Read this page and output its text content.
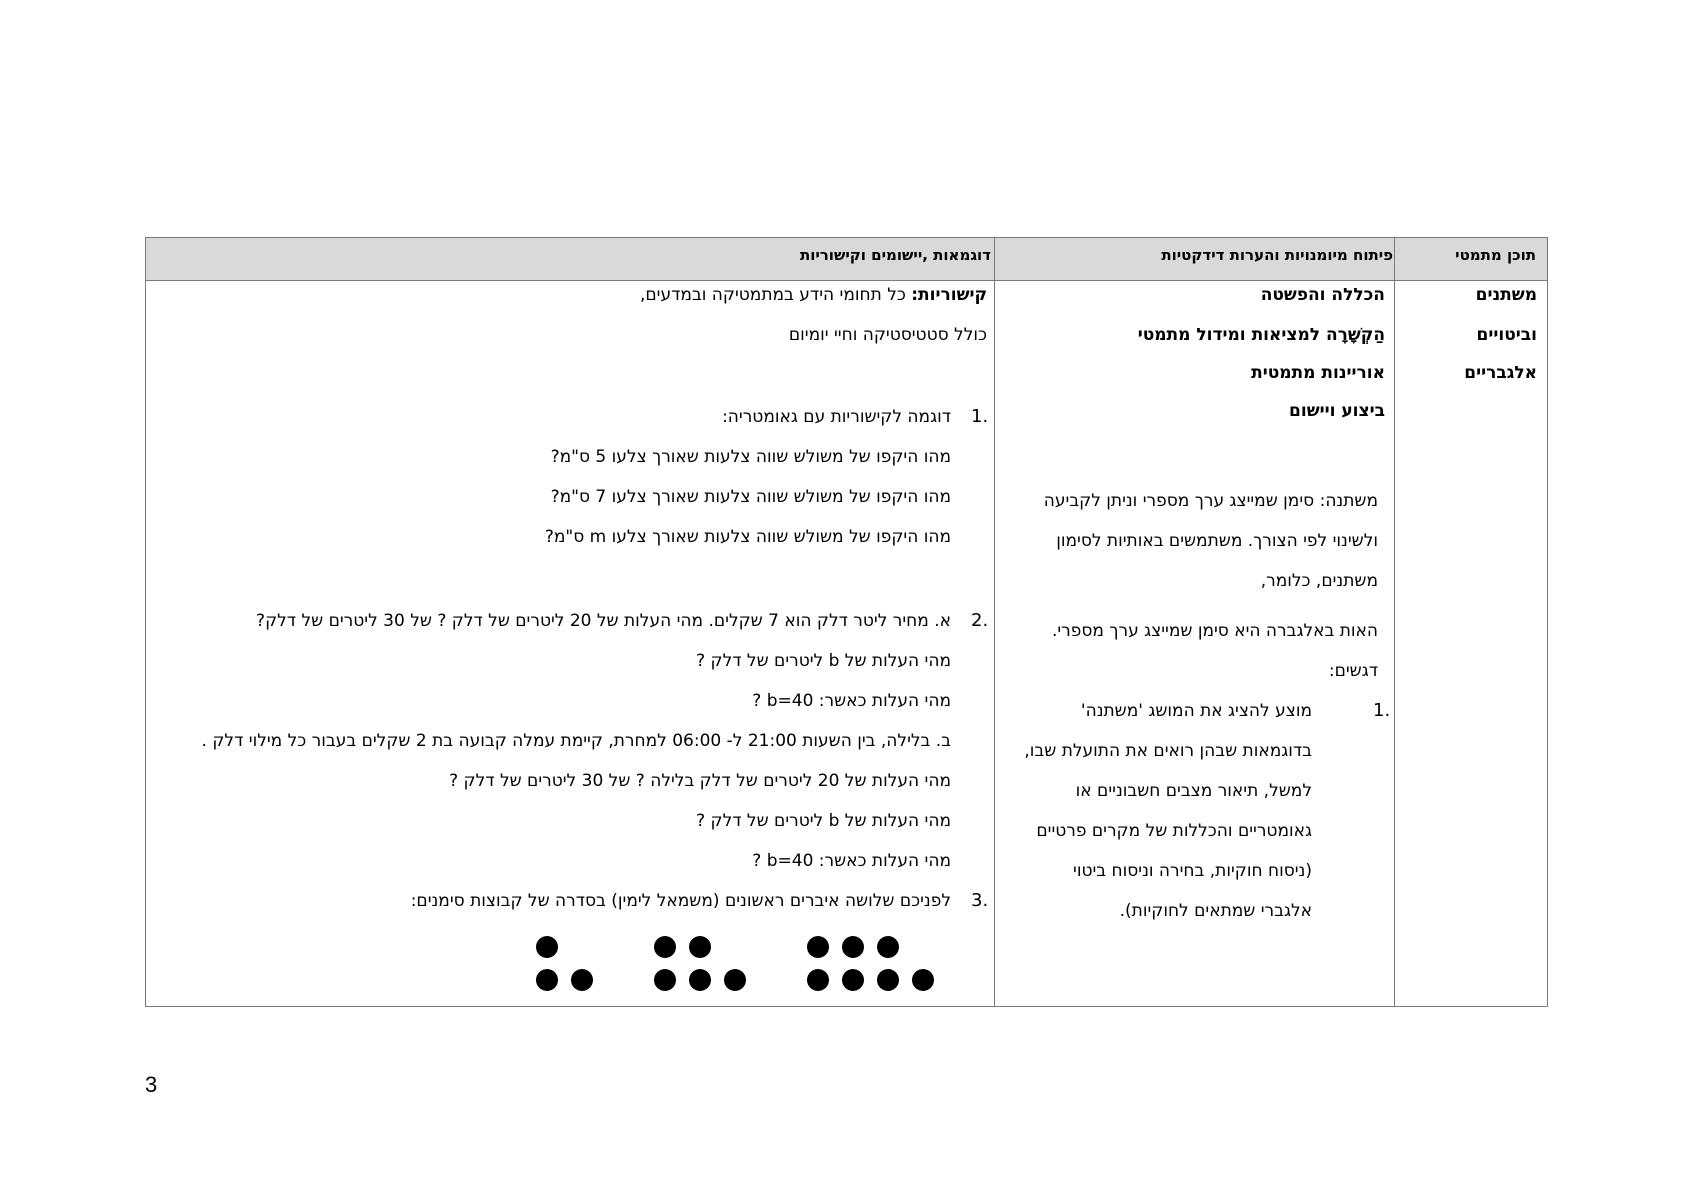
דוגמאות ,יישומים וקישוריות	פיתוח מיומנויות והערות דידקטיות	תוכן מתמטי
משתנים
וביטויים
אלגבריים
הכללה והפשטה
הַקְשָׁרָה למציאות ומידול מתמטי
אוריינות מתמטית
ביצוע ויישום
משתנה: סימן שמייצג ערך מספרי וניתן לקביעה
ולשינוי לפי הצורך. משתמשים באותיות לסימון
משתנים, כלומר,
האות באלגברה היא סימן שמייצג ערך מספרי.
דגשים:
1.
מוצע להציג את המושג 'משתנה'
בדוגמאות שבהן רואים את התועלת שבו,
למשל, תיאור מצבים חשבוניים או
גאומטריים והכללות של מקרים פרטיים
(ניסוח חוקיות, בחירה וניסוח ביטוי
אלגברי שמתאים לחוקיות).
קישוריות: כל תחומי הידע במתמטיקה ובמדעים,
כולל סטטיסטיקה וחיי יומיום
1.
דוגמה לקישוריות עם גאומטריה:
מהו היקפו של משולש שווה צלעות שאורך צלעו 5 ס"מ?
מהו היקפו של משולש שווה צלעות שאורך צלעו 7 ס"מ?
מהו היקפו של משולש שווה צלעות שאורך צלעו m ס"מ?
2.
א. מחיר ליטר דלק הוא 7 שקלים. מהי העלות של 20 ליטרים של דלק ? של 30 ליטרים של דלק?
מהי העלות של b ליטרים של דלק ?
מהי העלות כאשר: b=40 ?
ב. בלילה, בין השעות 21:00 ל- 06:00 למחרת, קיימת עמלה קבועה בת 2 שקלים בעבור כל מילוי דלק .
מהי העלות של 20 ליטרים של דלק בלילה ? של 30 ליטרים של דלק ?
מהי העלות של b ליטרים של דלק ?
מהי העלות כאשר: b=40 ?
3.
לפניכם שלושה איברים ראשונים (משמאל לימין) בסדרה של קבוצות סימנים:
3
